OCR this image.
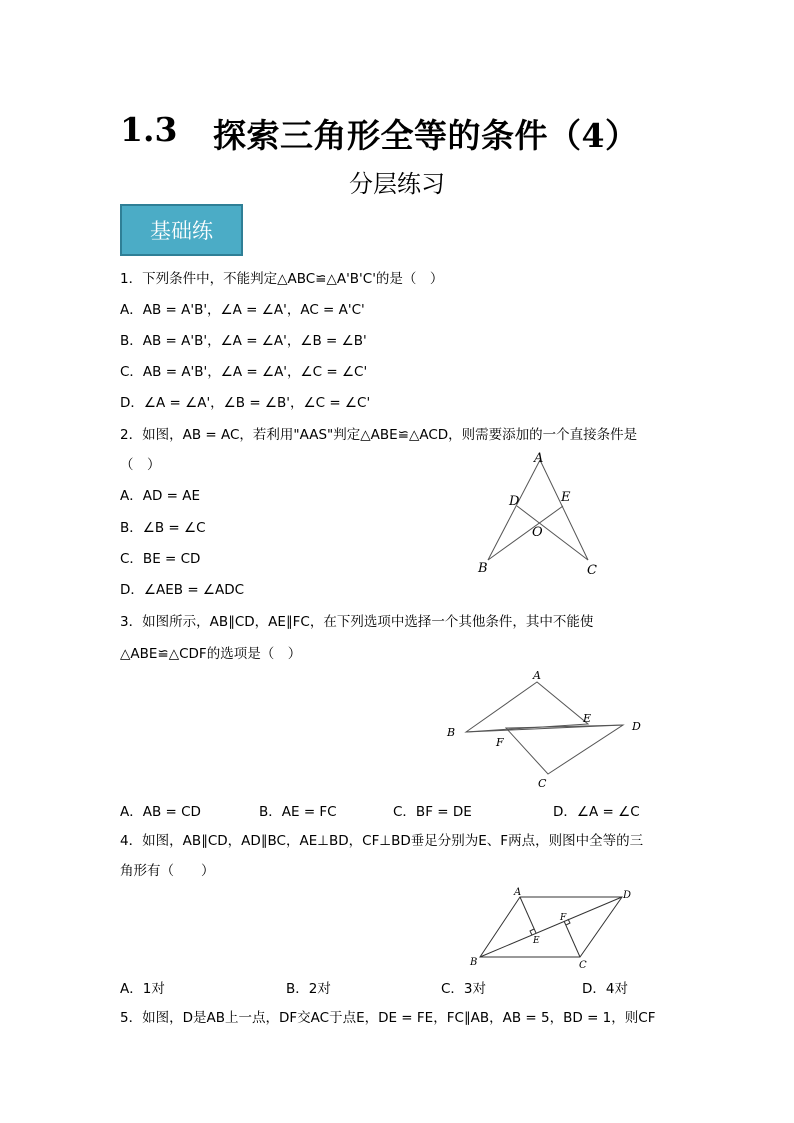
1.3 探索三角形全等的条件（4）
分层练习
基础练
1．下列条件中，不能判定△ABC≌△A'B'C'的是（　）
A．AB = A'B'，∠A = ∠A'，AC = A'C'
B．AB = A'B'，∠A = ∠A'，∠B = ∠B'
C．AB = A'B'，∠A = ∠A'，∠C = ∠C'
D．∠A = ∠A'，∠B = ∠B'，∠C = ∠C'
2．如图，AB = AC，若利用"AAS"判定△ABE≌△ACD，则需要添加的一个直接条件是
（　）
A．AD = AE
B．∠B = ∠C
C．BE = CD
D．∠AEB = ∠ADC
A
D	E
O
B	C
3．如图所示，AB∥CD，AE∥FC，在下列选项中选择一个其他条件，其中不能使
△ABE≌△CDF的选项是（　）
A
E
D
B
F
C
A．AB = CD	B．AE = FC	C．BF = DE	D．∠A = ∠C
4．如图，AB∥CD，AD∥BC，AE⊥BD，CF⊥BD垂足分别为E、F两点，则图中全等的三
角形有（　　）
A	D
F
E
B	C
A．1对	B．2对	C．3对	D．4对
5．如图，D是AB上一点，DF交AC于点E，DE = FE，FC∥AB，AB = 5，BD = 1，则CF
